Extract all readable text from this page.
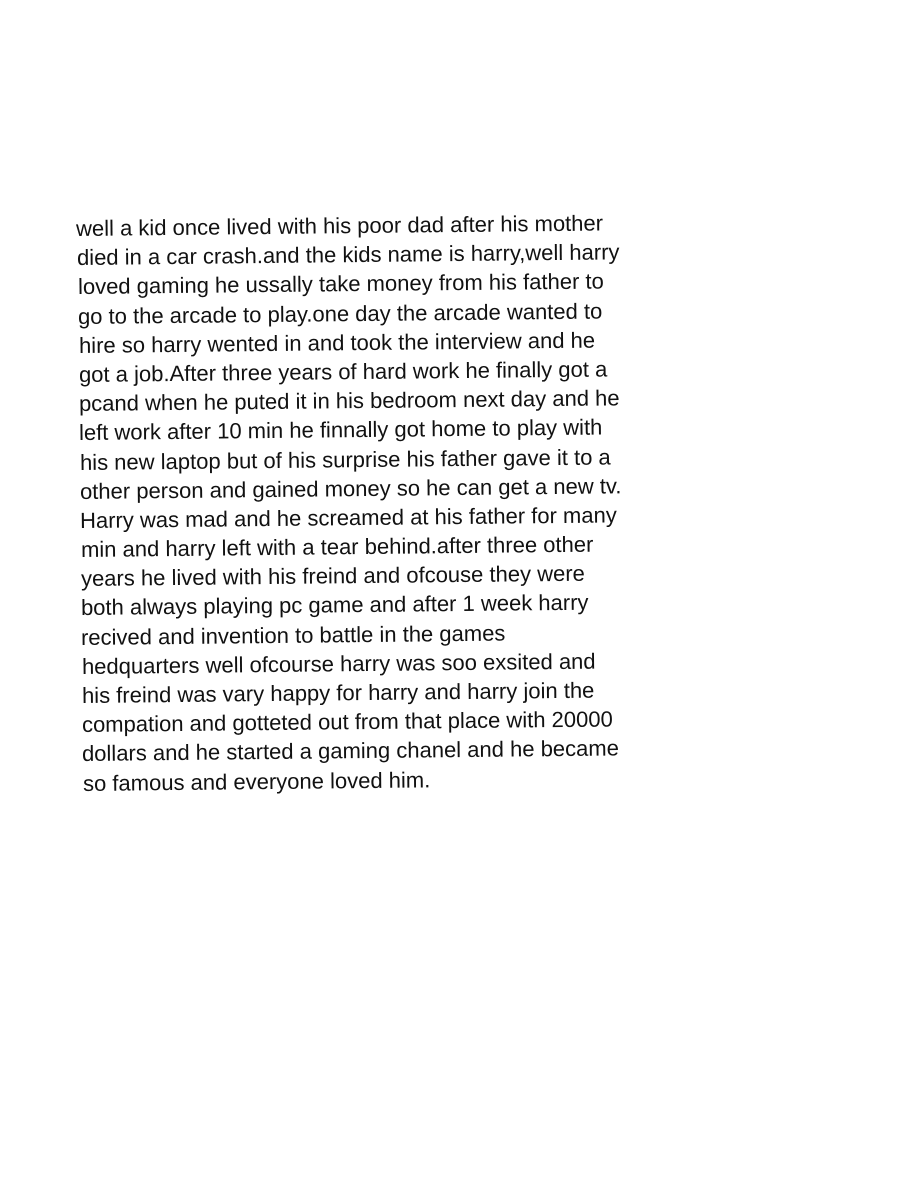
well a kid once lived with his poor dad after his mother
died in a car crash.and the kids name is harry,well harry
loved gaming he ussally take money from his father to
go to the arcade to play.one day the arcade wanted to
hire so harry wented in and took the interview and he
got a job.After three years of hard work he finally got a
pcand when he puted it in his bedroom next day and he
left work after 10 min he finnally got home to play with
his new laptop but of his surprise his father gave it to a
other person and gained money so he can get a new tv.
Harry was mad and he screamed at his father for many
min and harry left with a tear behind.after three other
years he lived with his freind and ofcouse they were
both always playing pc game and after 1 week harry
recived and invention to battle in the games
hedquarters well ofcourse harry was soo exsited and
his freind was vary happy for harry and harry join the
compation and gotteted out from that place with 20000
dollars and he started a gaming chanel and he became
so famous and everyone loved him.
